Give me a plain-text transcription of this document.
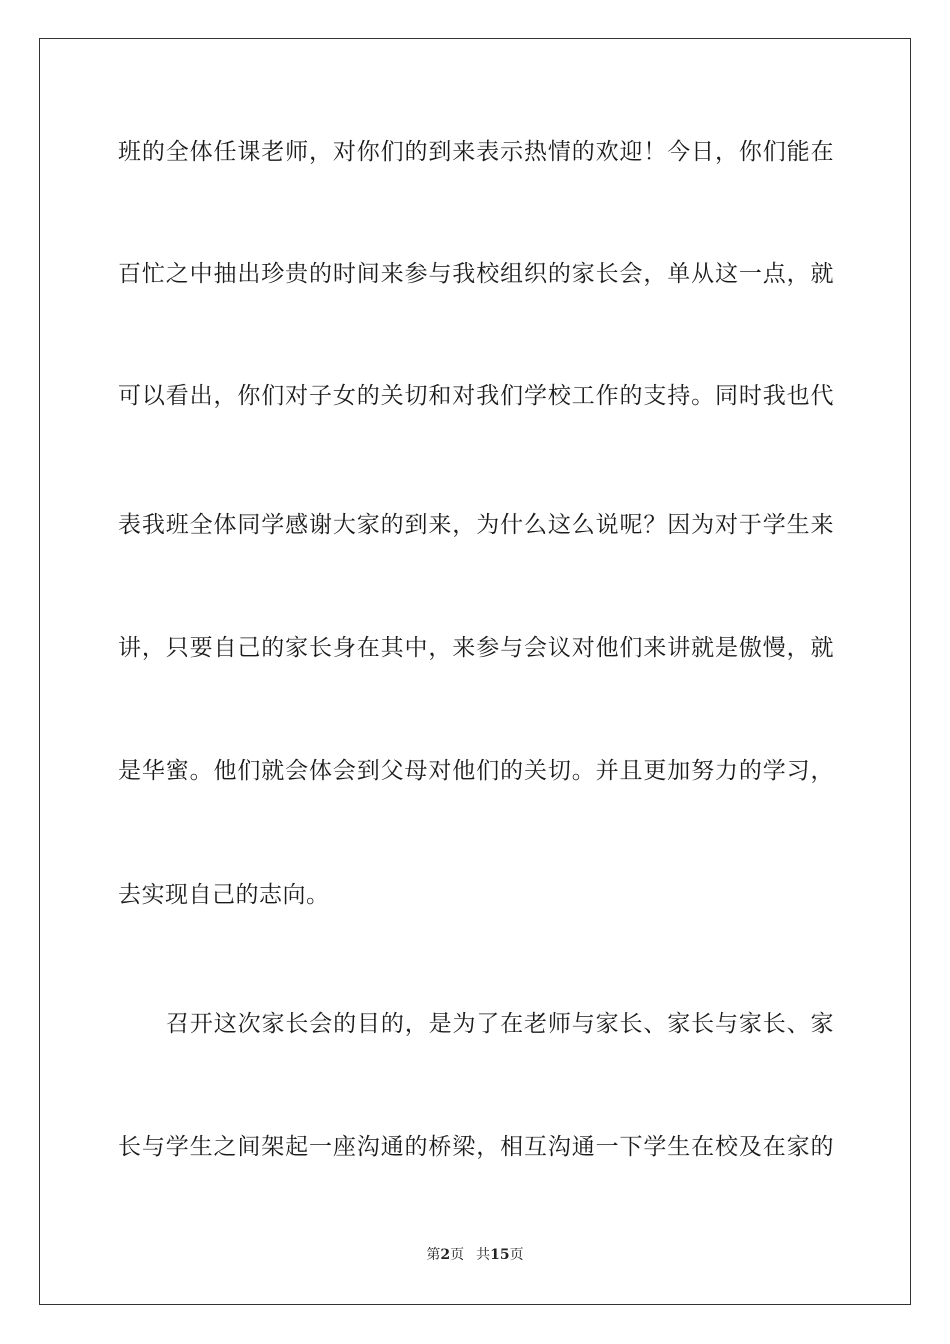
班的全体任课老师，对你们的到来表示热情的欢迎！今日，你们能在
百忙之中抽出珍贵的时间来参与我校组织的家长会，单从这一点，就
可以看出，你们对子女的关切和对我们学校工作的支持。同时我也代
表我班全体同学感谢大家的到来，为什么这么说呢？因为对于学生来
讲，只要自己的家长身在其中，来参与会议对他们来讲就是傲慢，就
是华蜜。他们就会体会到父母对他们的关切。并且更加努力的学习，
去实现自己的志向。
召开这次家长会的目的，是为了在老师与家长、家长与家长、家
长与学生之间架起一座沟通的桥梁，相互沟通一下学生在校及在家的
第2页 共15页
